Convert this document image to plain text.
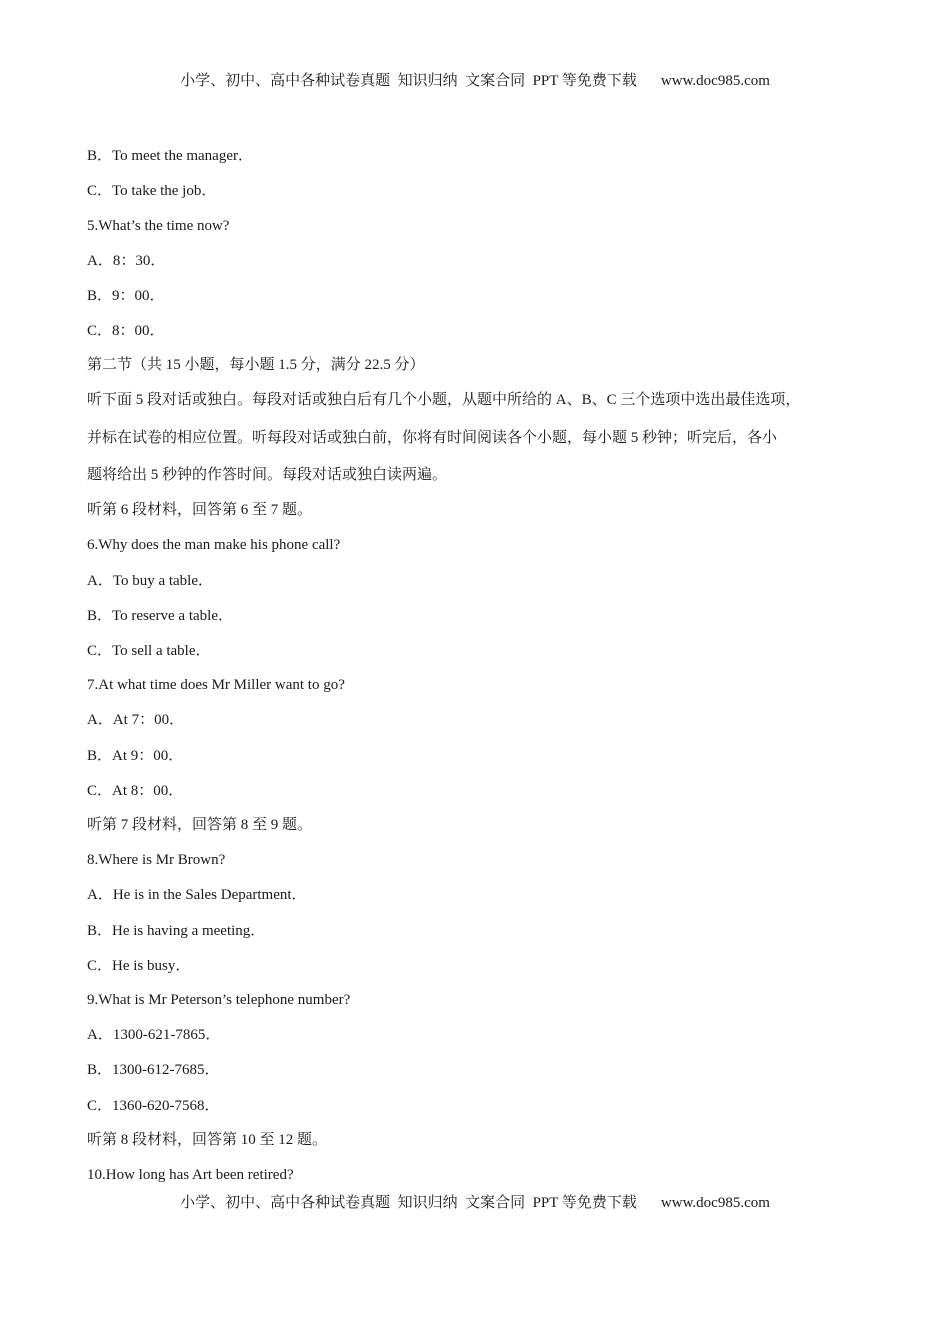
小学、初中、高中各种试卷真题  知识归纳  文案合同  PPT 等免费下载 www.doc985.com
B．To meet the manager．
C．To take the job．
5.What’s the time now?
A．8：30．
B．9：00．
C．8：00．
第二节（共 15 小题，每小题 1.5 分，满分 22.5 分）
听下面 5 段对话或独白。每段对话或独白后有几个小题，从题中所给的 A、B、C 三个选项中选出最佳选项，
并标在试卷的相应位置。听每段对话或独白前，你将有时间阅读各个小题，每小题 5 秒钟；听完后，各小
题将给出 5 秒钟的作答时间。每段对话或独白读两遍。
听第 6 段材料，回答第 6 至 7 题。
6.Why does the man make his phone call?
A．To buy a table．
B．To reserve a table．
C．To sell a table．
7.At what time does Mr Miller want to go?
A．At 7：00．
B．At 9：00．
C．At 8：00．
听第 7 段材料，回答第 8 至 9 题。
8.Where is Mr Brown?
A．He is in the Sales Department．
B．He is having a meeting．
C．He is busy．
9.What is Mr Peterson’s telephone number?
A．1300-621-7865．
B．1300-612-7685．
C．1360-620-7568．
听第 8 段材料，回答第 10 至 12 题。
10.How long has Art been retired?
小学、初中、高中各种试卷真题  知识归纳  文案合同  PPT 等免费下载 www.doc985.com
